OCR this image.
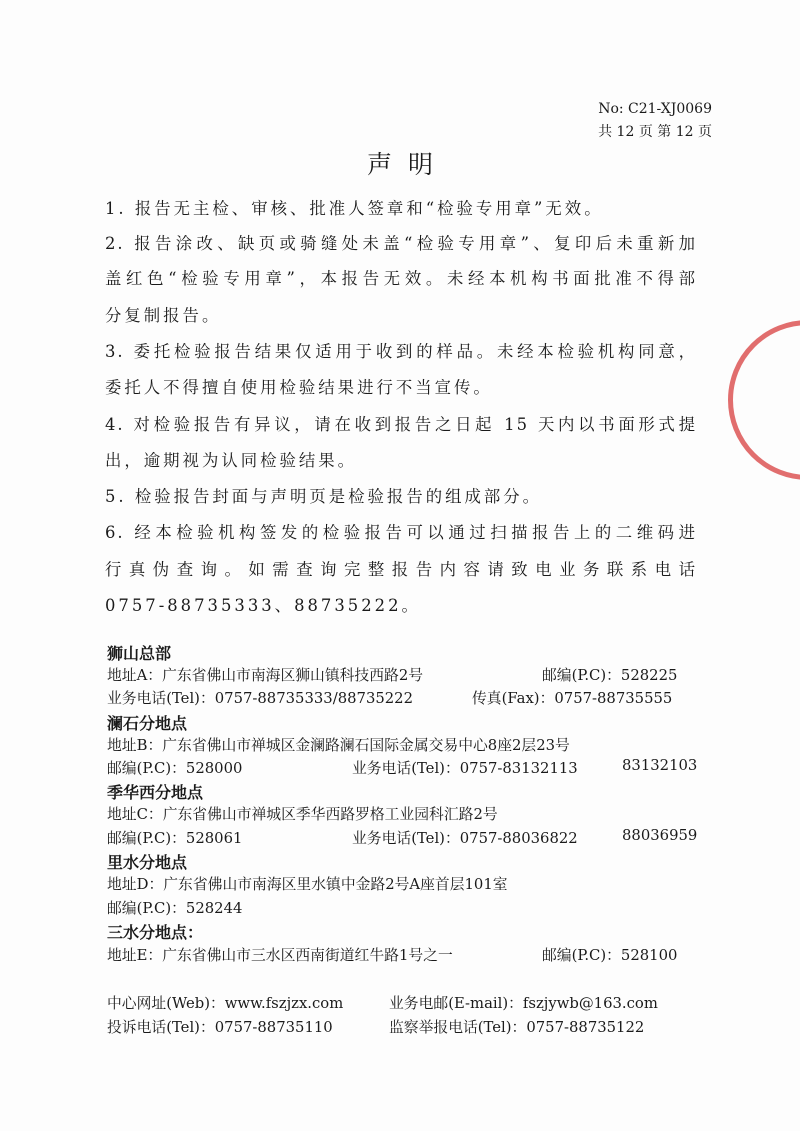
No: C21-XJ0069
共 12 页 第 12 页
声明
1. 报告无主检、审核、批准人签章和“检验专用章”无效。
2. 报告涂改、缺页或骑缝处未盖“检验专用章”、复印后未重新加
盖红色“检验专用章”，本报告无效。未经本机构书面批准不得部
分复制报告。
3. 委托检验报告结果仅适用于收到的样品。未经本检验机构同意，
委托人不得擅自使用检验结果进行不当宣传。
4. 对检验报告有异议，请在收到报告之日起 15 天内以书面形式提
出，逾期视为认同检验结果。
5. 检验报告封面与声明页是检验报告的组成部分。
6. 经本检验机构签发的检验报告可以通过扫描报告上的二维码进
行真伪查询。如需查询完整报告内容请致电业务联系电话
0757-88735333、88735222。
狮山总部
地址A：广东省佛山市南海区狮山镇科技西路2号	邮编(P.C)：528225
业务电话(Tel)：0757-88735333/88735222	传真(Fax)：0757-88735555
澜石分地点
地址B：广东省佛山市禅城区金澜路澜石国际金属交易中心8座2层23号
邮编(P.C)：528000	业务电话(Tel)：0757-83132113	83132103
季华西分地点
地址C：广东省佛山市禅城区季华西路罗格工业园科汇路2号
邮编(P.C)：528061	业务电话(Tel)：0757-88036822	88036959
里水分地点
地址D：广东省佛山市南海区里水镇中金路2号A座首层101室
邮编(P.C)：528244
三水分地点：
地址E：广东省佛山市三水区西南街道红牛路1号之一	邮编(P.C)：528100
中心网址(Web)：www.fszjzx.com	业务电邮(E-mail)：fszjywb@163.com
投诉电话(Tel)：0757-88735110	监察举报电话(Tel)：0757-88735122
